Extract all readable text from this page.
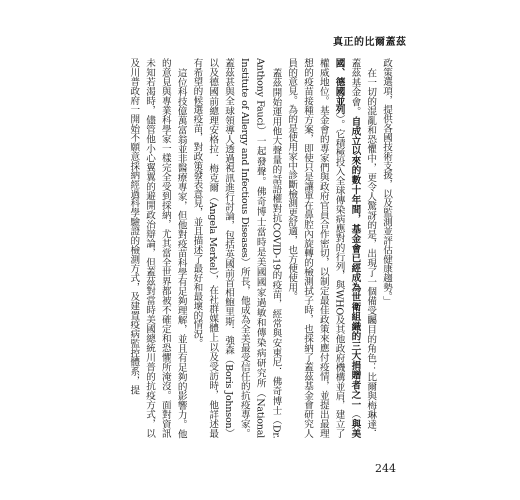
真正的比爾蓋茲

政策選項，提供各國技術支援，以及監測並評估健康趨勢。」

在一切的混亂和恐懼中，更令人驚訝的是，出現了一個備受矚目的角色：比爾與梅琳達．蓋茲基金會。自成立以來的數十年間，基金會已經成為世衛組織的三大捐贈者之一（與美國、德國並列）。它積極投入全球傳染病應對的行列，與WHO及其他政府機構並肩，建立了權威地位。基金會的專家們與政府官員合作密切，以制定最佳政策來應付疫情，並提出最理想的疫苗接種方案，即使只是讓單在鼻腔內旋轉的檢測拭子時，也採納了蓋茲基金會研究人員的意見。為的是使用家中診斷檢測更舒適，也方便使用。

蓋茲開始運用他大聲量的話語權對抗COVID-19的疫苗，經常與安東尼．佛奇博士（Dr. Anthony Fauci）一起發聲。佛奇博士當時是美國國家過敏和傳染病研究所（National Institute of Allergy and Infectious Diseases）所長，他成為全美最受信任的抗疫專家。蓋茲甚與全球領導人透過視訊進行討論，包括英國前首相鮑里斯．強森（Boris Johnson）以及德國前總理安格拉．梅克爾（Angela Merkel），在社群媒體上以及受訪時，他詳述最有希望的候選疫苗，對政策發表意見，並且描述了最好和最壞的情況。

這位科技億萬富翁並非醫療專家，但他對疫苗科學有足夠理解，並且有足夠的影響力。他的意見與專業科學家一樣完全受到採納，尤其當全世界都被不確定和恐懼所淹沒。面對資訊未知若渴時，儘管他小心翼翼的避開政治辯論，但蓋茲對當時美國總統川普的抗疫方式，以及川普政府一開始不願意採納經過科學驗證的檢測方式，及建置疫病監控體系，提

244
